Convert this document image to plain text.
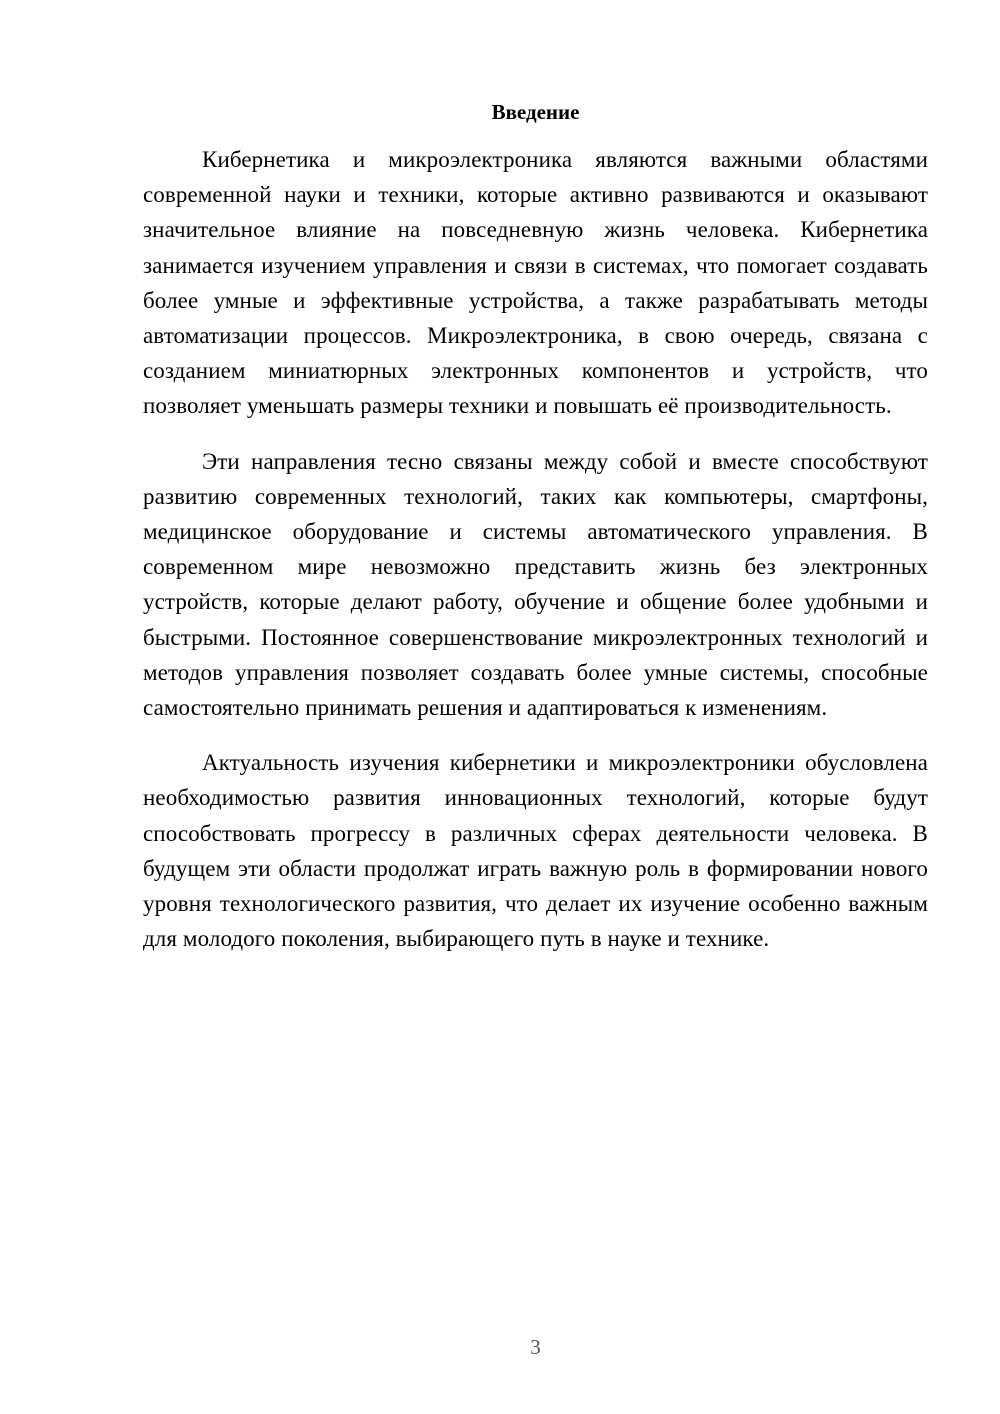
Введение

Кибернетика и микроэлектроника являются важными областями современной науки и техники, которые активно развиваются и оказывают значительное влияние на повседневную жизнь человека. Кибернетика занимается изучением управления и связи в системах, что помогает создавать более умные и эффективные устройства, а также разрабатывать методы автоматизации процессов. Микроэлектроника, в свою очередь, связана с созданием миниатюрных электронных компонентов и устройств, что позволяет уменьшать размеры техники и повышать её производительность.

Эти направления тесно связаны между собой и вместе способствуют развитию современных технологий, таких как компьютеры, смартфоны, медицинское оборудование и системы автоматического управления. В современном мире невозможно представить жизнь без электронных устройств, которые делают работу, обучение и общение более удобными и быстрыми. Постоянное совершенствование микроэлектронных технологий и методов управления позволяет создавать более умные системы, способные самостоятельно принимать решения и адаптироваться к изменениям.

Актуальность изучения кибернетики и микроэлектроники обусловлена необходимостью развития инновационных технологий, которые будут способствовать прогрессу в различных сферах деятельности человека. В будущем эти области продолжат играть важную роль в формировании нового уровня технологического развития, что делает их изучение особенно важным для молодого поколения, выбирающего путь в науке и технике.

3
